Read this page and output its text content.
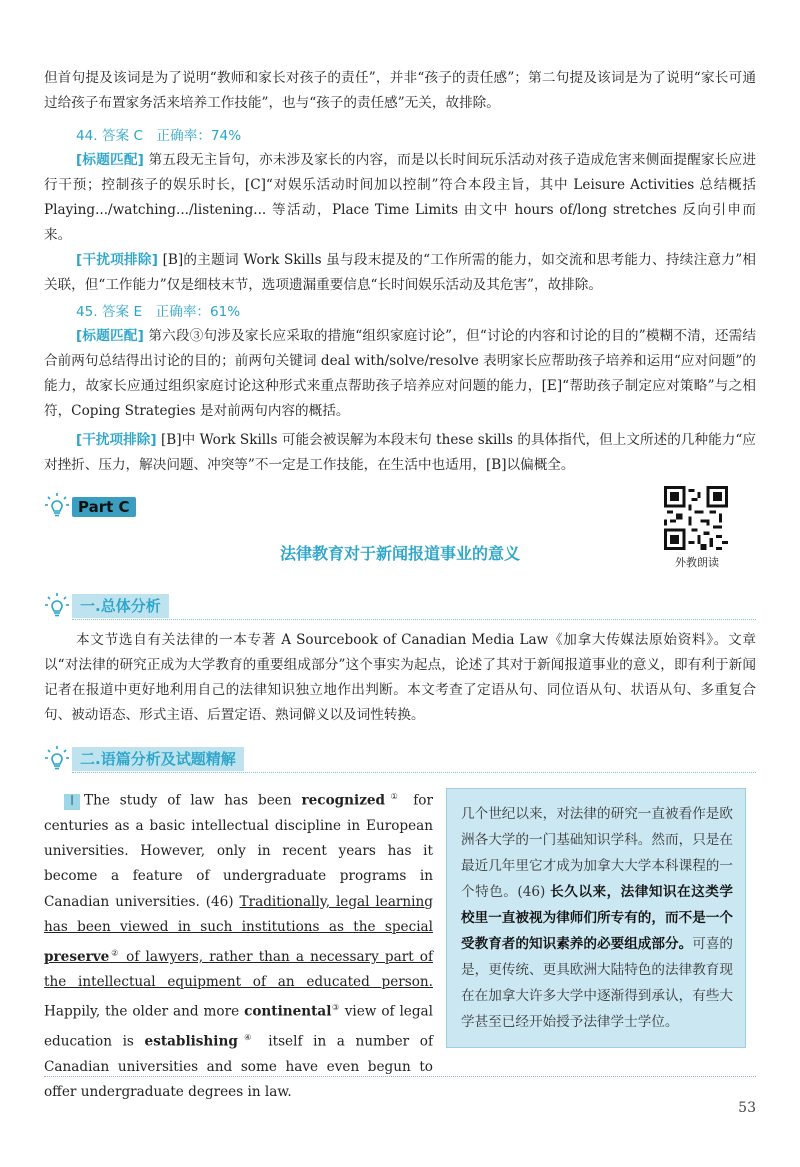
但首句提及该词是为了说明“教师和家长对孩子的责任”，并非“孩子的责任感”；第二句提及该词是为了说明“家长可通过给孩子布置家务活来培养工作技能”，也与“孩子的责任感”无关，故排除。

44. 答案 C　正确率：74%

[标题匹配] 第五段无主旨句，亦未涉及家长的内容，而是以长时间玩乐活动对孩子造成危害来侧面提醒家长应进行干预；控制孩子的娱乐时长，[C]“对娱乐活动时间加以控制”符合本段主旨，其中 Leisure Activities 总结概括 Playing.../watching.../listening... 等活动，Place Time Limits 由文中 hours of/long stretches 反向引申而来。

[干扰项排除] [B]的主题词 Work Skills 虽与段末提及的“工作所需的能力，如交流和思考能力、持续注意力”相关联，但“工作能力”仅是细枝末节，选项遗漏重要信息“长时间娱乐活动及其危害”，故排除。

45. 答案 E　正确率：61%

[标题匹配] 第六段③句涉及家长应采取的措施“组织家庭讨论”，但“讨论的内容和讨论的目的”模糊不清，还需结合前两句总结得出讨论的目的；前两句关键词 deal with/solve/resolve 表明家长应帮助孩子培养和运用“应对问题”的能力，故家长应通过组织家庭讨论这种形式来重点帮助孩子培养应对问题的能力，[E]“帮助孩子制定应对策略”与之相符，Coping Strategies 是对前两句内容的概括。

[干扰项排除] [B]中 Work Skills 可能会被误解为本段末句 these skills 的具体指代，但上文所述的几种能力“应对挫折、压力，解决问题、冲突等”不一定是工作技能，在生活中也适用，[B]以偏概全。

Part C
法律教育对于新闻报道事业的意义	外教朗读
一.总体分析

本文节选自有关法律的一本专著 A Sourcebook of Canadian Media Law《加拿大传媒法原始资料》。文章以“对法律的研究正成为大学教育的重要组成部分”这个事实为起点，论述了其对于新闻报道事业的意义，即有利于新闻记者在报道中更好地利用自己的法律知识独立地作出判断。本文考查了定语从句、同位语从句、状语从句、多重复合句、被动语态、形式主语、后置定语、熟词僻义以及词性转换。

二.语篇分析及试题精解

I The study of law has been recognized① for centuries as a basic intellectual discipline in European universities. However, only in recent years has it become a feature of undergraduate programs in Canadian universities. (46) Traditionally, legal learning has been viewed in such institutions as the special preserve② of lawyers, rather than a necessary part of the intellectual equipment of an educated person. Happily, the older and more continental③ view of legal education is establishing④ itself in a number of Canadian universities and some have even begun to offer undergraduate degrees in law.

几个世纪以来，对法律的研究一直被看作是欧洲各大学的一门基础知识学科。然而，只是在最近几年里它才成为加拿大大学本科课程的一个特色。(46) 长久以来，法律知识在这类学校里一直被视为律师们所专有的，而不是一个受教育者的知识素养的必要组成部分。可喜的是，更传统、更具欧洲大陆特色的法律教育现在在加拿大许多大学中逐渐得到承认，有些大学甚至已经开始授予法律学士学位。
53
